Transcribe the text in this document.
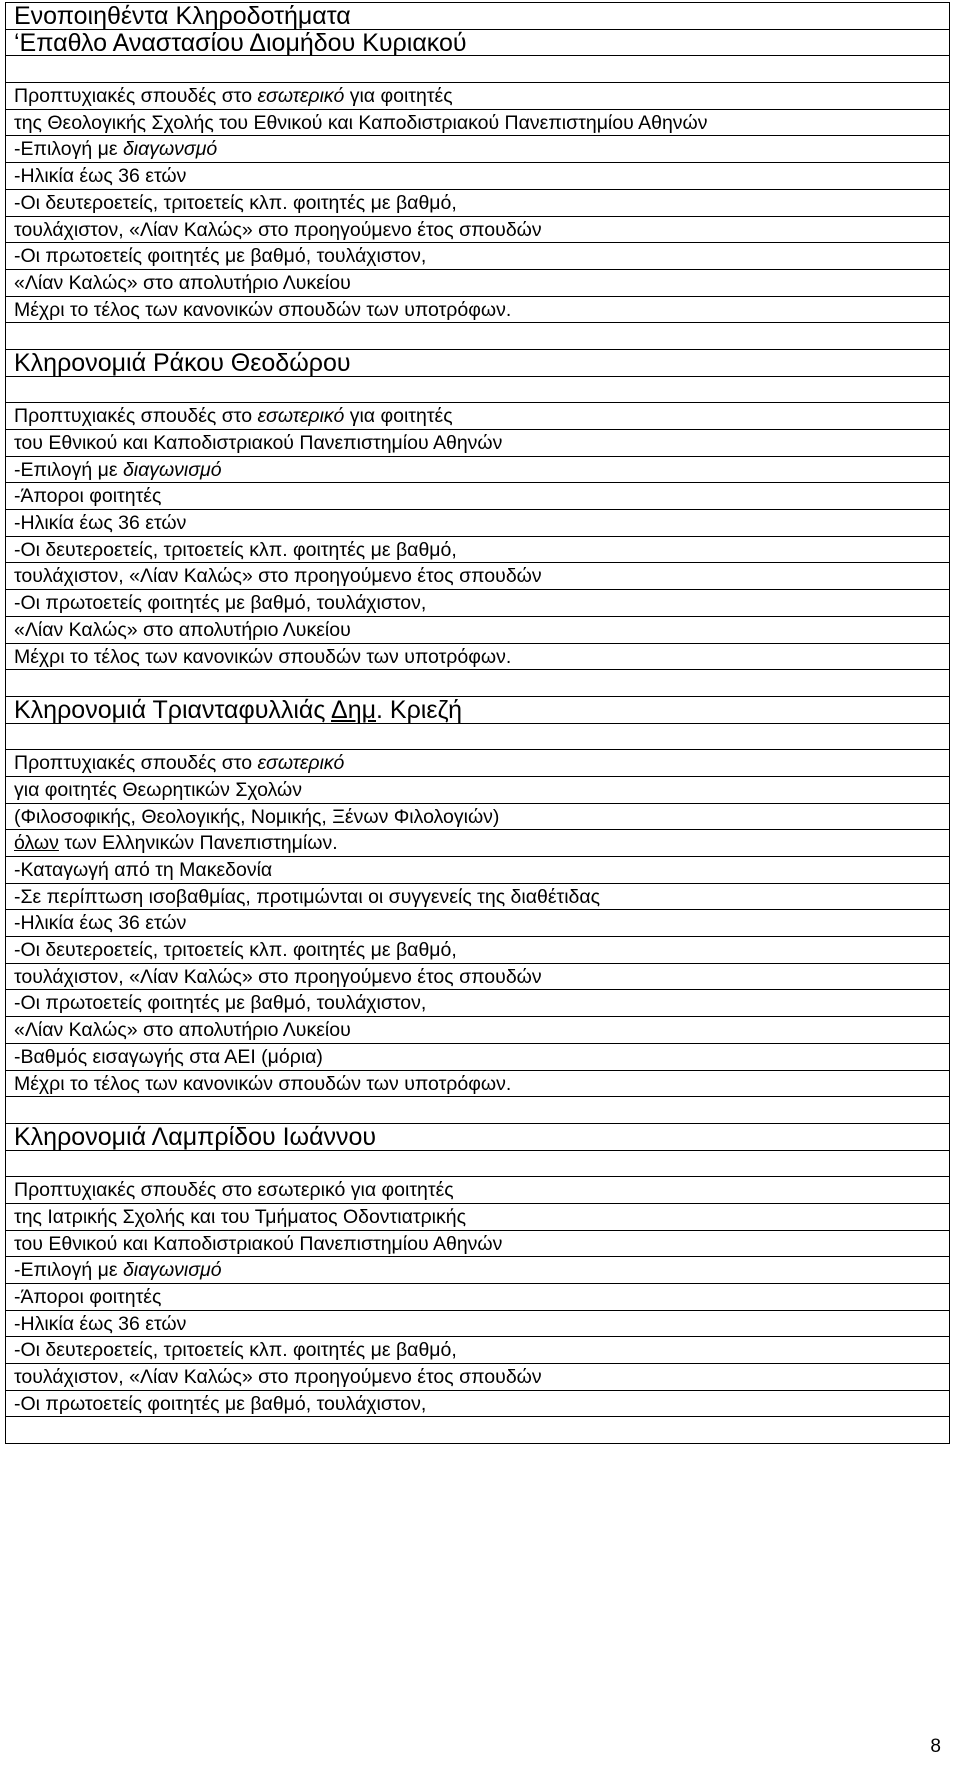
Ενοποιηθέντα Κληροδοτήματα
‘Επαθλο Αναστασίου Διομήδου Κυριακού
Προπτυχιακές σπουδές στο εσωτερικό για φοιτητές
της Θεολογικής Σχολής του Εθνικού και Καποδιστριακού Πανεπιστημίου Αθηνών
-Επιλογή με διαγωνσμό
-Ηλικία έως 36 ετών
-Οι δευτεροετείς, τριτοετείς κλπ. φοιτητές με βαθμό,
τουλάχιστον, «Λίαν Καλώς» στο προηγούμενο έτος σπουδών
-Οι πρωτοετείς φοιτητές με βαθμό, τουλάχιστον,
«Λίαν Καλώς» στο απολυτήριο Λυκείου
Μέχρι το τέλος των κανονικών σπουδών των υποτρόφων.
Κληρονομιά Ράκου Θεοδώρου
Προπτυχιακές σπουδές στο εσωτερικό για φοιτητές
του Εθνικού και Καποδιστριακού Πανεπιστημίου Αθηνών
-Επιλογή με διαγωνισμό
-Άποροι φοιτητές
-Ηλικία έως 36 ετών
-Οι δευτεροετείς, τριτοετείς κλπ. φοιτητές με βαθμό,
τουλάχιστον, «Λίαν Καλώς» στο προηγούμενο έτος σπουδών
-Οι πρωτοετείς φοιτητές με βαθμό, τουλάχιστον,
«Λίαν Καλώς» στο απολυτήριο Λυκείου
Μέχρι το τέλος των κανονικών σπουδών των υποτρόφων.
Κληρονομιά Τριανταφυλλιάς Δημ. Κριεζή
Προπτυχιακές σπουδές στο εσωτερικό
για φοιτητές Θεωρητικών Σχολών
(Φιλοσοφικής, Θεολογικής, Νομικής, Ξένων Φιλολογιών)
όλων των Ελληνικών Πανεπιστημίων.
-Καταγωγή από τη Μακεδονία
-Σε περίπτωση ισοβαθμίας, προτιμώνται οι συγγενείς της διαθέτιδας
-Ηλικία έως 36 ετών
-Οι δευτεροετείς, τριτοετείς κλπ. φοιτητές με βαθμό,
τουλάχιστον, «Λίαν Καλώς» στο προηγούμενο έτος σπουδών
-Οι πρωτοετείς φοιτητές με βαθμό, τουλάχιστον,
«Λίαν Καλώς» στο απολυτήριο Λυκείου
-Βαθμός εισαγωγής στα ΑΕΙ (μόρια)
Μέχρι το τέλος των κανονικών σπουδών των υποτρόφων.
Κληρονομιά Λαμπρίδου Ιωάννου
Προπτυχιακές σπουδές στο εσωτερικό για φοιτητές
της Ιατρικής Σχολής και του Τμήματος Οδοντιατρικής
του Εθνικού και Καποδιστριακού Πανεπιστημίου Αθηνών
-Επιλογή με διαγωνισμό
-Άποροι φοιτητές
-Ηλικία έως 36 ετών
-Οι δευτεροετείς, τριτοετείς κλπ. φοιτητές με βαθμό,
τουλάχιστον, «Λίαν Καλώς» στο προηγούμενο έτος σπουδών
-Οι πρωτοετείς φοιτητές με βαθμό, τουλάχιστον,
8
